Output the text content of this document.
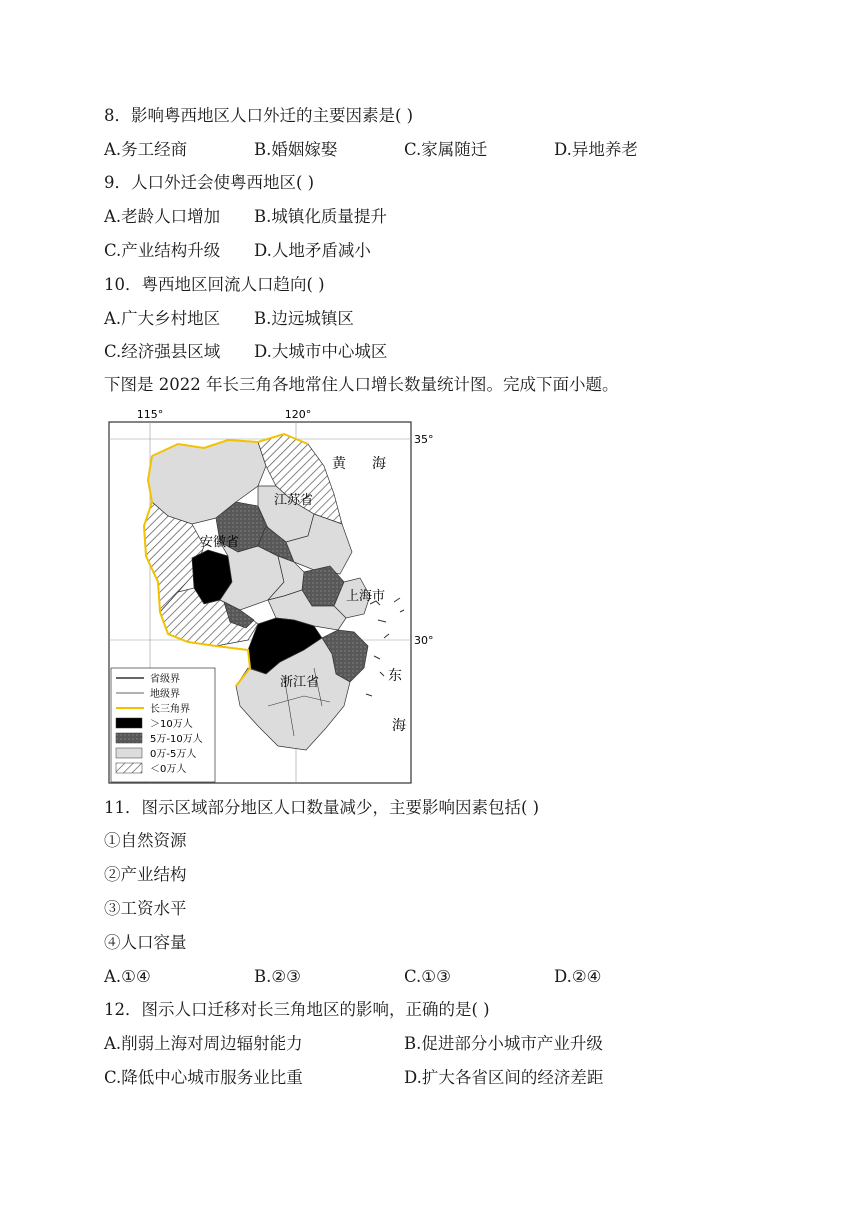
8．影响粤西地区人口外迁的主要因素是( )
A.务工经商	B.婚姻嫁娶	C.家属随迁	D.异地养老
9．人口外迁会使粤西地区( )
A.老龄人口增加 B.城镇化质量提升
C.产业结构升级 D.人地矛盾减小
10．粤西地区回流人口趋向( )
A.广大乡村地区 B.边远城镇区
C.经济强县区域 D.大城市中心城区
下图是 2022 年长三角各地常住人口增长数量统计图。完成下面小题。
115°	120°
35°
30°
黄 海
江苏省
安徽省
上海市
浙江省	东
海
省级界
地级界
长三角界
＞10万人
5万-10万人
0万-5万人
＜0万人
11．图示区域部分地区人口数量减少，主要影响因素包括( )
①自然资源
②产业结构
③工资水平
④人口容量
A.①④	B.②③	C.①③	D.②④
12．图示人口迁移对长三角地区的影响，正确的是( )
A.削弱上海对周边辐射能力	B.促进部分小城市产业升级
C.降低中心城市服务业比重	D.扩大各省区间的经济差距
